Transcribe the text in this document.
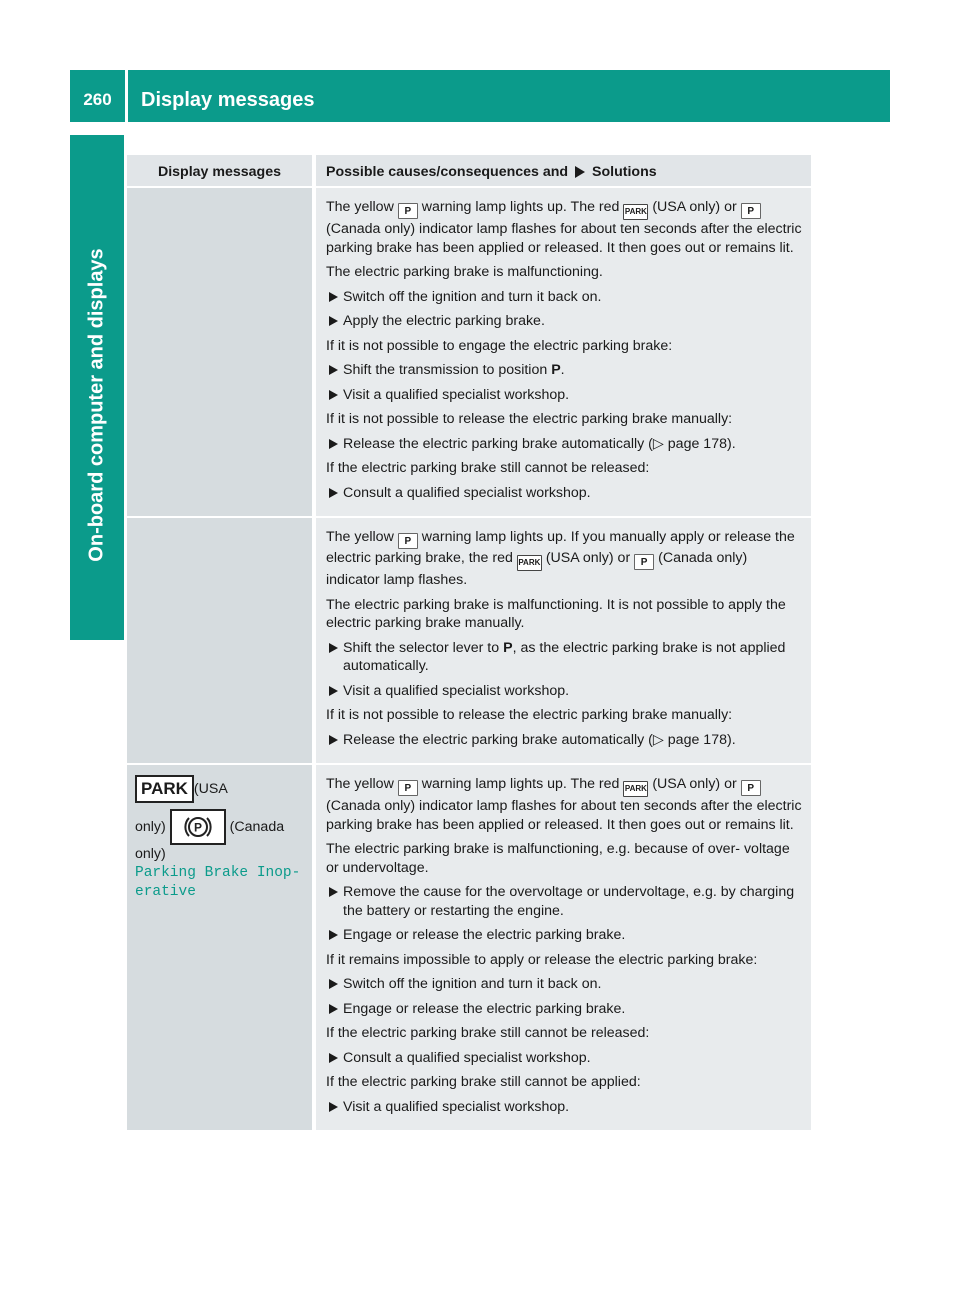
260	Display messages
On-board computer and displays
Display messages	Possible causes/consequences and Solutions

The yellow P warning lamp lights up. The red PARK (USA only) or P (Canada only) indicator lamp flashes for about ten seconds after the electric parking brake has been applied or released. It then goes out or remains lit.

The electric parking brake is malfunctioning.

Switch off the ignition and turn it back on.
Apply the electric parking brake.

If it is not possible to engage the electric parking brake:

Shift the transmission to position P.
Visit a qualified specialist workshop.

If it is not possible to release the electric parking brake manually:

Release the electric parking brake automatically (▷ page 178).

If the electric parking brake still cannot be released:

Consult a qualified specialist workshop.

The yellow P warning lamp lights up. If you manually apply or release the electric parking brake, the red PARK (USA only) or P (Canada only) indicator lamp flashes.

The electric parking brake is malfunctioning. It is not possible to apply the electric parking brake manually.

Shift the selector lever to P, as the electric parking brake is not applied automatically.
Visit a qualified specialist workshop.

If it is not possible to release the electric parking brake manually:

Release the electric parking brake automatically (▷ page 178).
PARK (USA
only) P (Canada
only)
Parking Brake Inop‐ erative

The yellow P warning lamp lights up. The red PARK (USA only) or P (Canada only) indicator lamp flashes for about ten seconds after the electric parking brake has been applied or released. It then goes out or remains lit.

The electric parking brake is malfunctioning, e.g. because of over- voltage or undervoltage.

Remove the cause for the overvoltage or undervoltage, e.g. by charging the battery or restarting the engine.
Engage or release the electric parking brake.

If it remains impossible to apply or release the electric parking brake:

Switch off the ignition and turn it back on.
Engage or release the electric parking brake.

If the electric parking brake still cannot be released:

Consult a qualified specialist workshop.

If the electric parking brake still cannot be applied:

Visit a qualified specialist workshop.
